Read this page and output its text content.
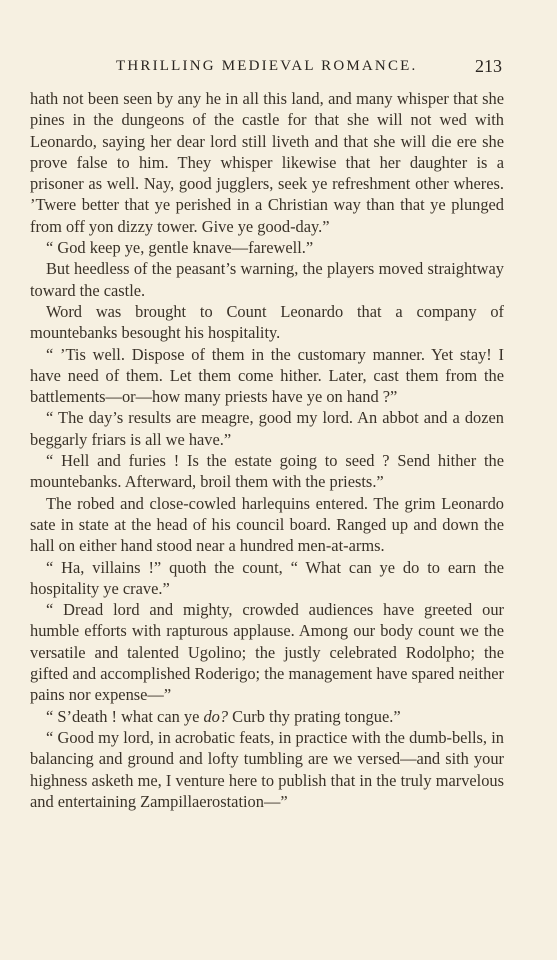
THRILLING MEDIEVAL ROMANCE.	213

hath not been seen by any he in all this land, and many whisper that she pines in the dungeons of the castle for that she will not wed with Leonardo, saying her dear lord still liveth and that she will die ere she prove false to him. They whisper likewise that her daughter is a prisoner as well. Nay, good jugglers, seek ye refreshment other wheres. ’Twere better that ye perished in a Christian way than that ye plunged from off yon dizzy tower. Give ye good-day.”

“ God keep ye, gentle knave—farewell.”

But heedless of the peasant’s warning, the players moved straightway toward the castle.

Word was brought to Count Leonardo that a company of mountebanks besought his hospitality.

“ ’Tis well. Dispose of them in the customary manner. Yet stay! I have need of them. Let them come hither. Later, cast them from the battlements—or—how many priests have ye on hand ?”

“ The day’s results are meagre, good my lord. An abbot and a dozen beggarly friars is all we have.”

“ Hell and furies ! Is the estate going to seed ? Send hither the mountebanks. Afterward, broil them with the priests.”

The robed and close-cowled harlequins entered. The grim Leonardo sate in state at the head of his council board. Ranged up and down the hall on either hand stood near a hundred men-at-arms.

“ Ha, villains !” quoth the count, “ What can ye do to earn the hospitality ye crave.”

“ Dread lord and mighty, crowded audiences have greeted our humble efforts with rapturous applause. Among our body count we the versatile and talented Ugolino; the justly celebrated Rodolpho; the gifted and accomplished Roderigo; the management have spared neither pains nor expense—”

“ S’death ! what can ye do? Curb thy prating tongue.”

“ Good my lord, in acrobatic feats, in practice with the dumb-bells, in balancing and ground and lofty tumbling are we versed—and sith your highness asketh me, I venture here to publish that in the truly marvelous and entertaining Zampillaerostation—”
